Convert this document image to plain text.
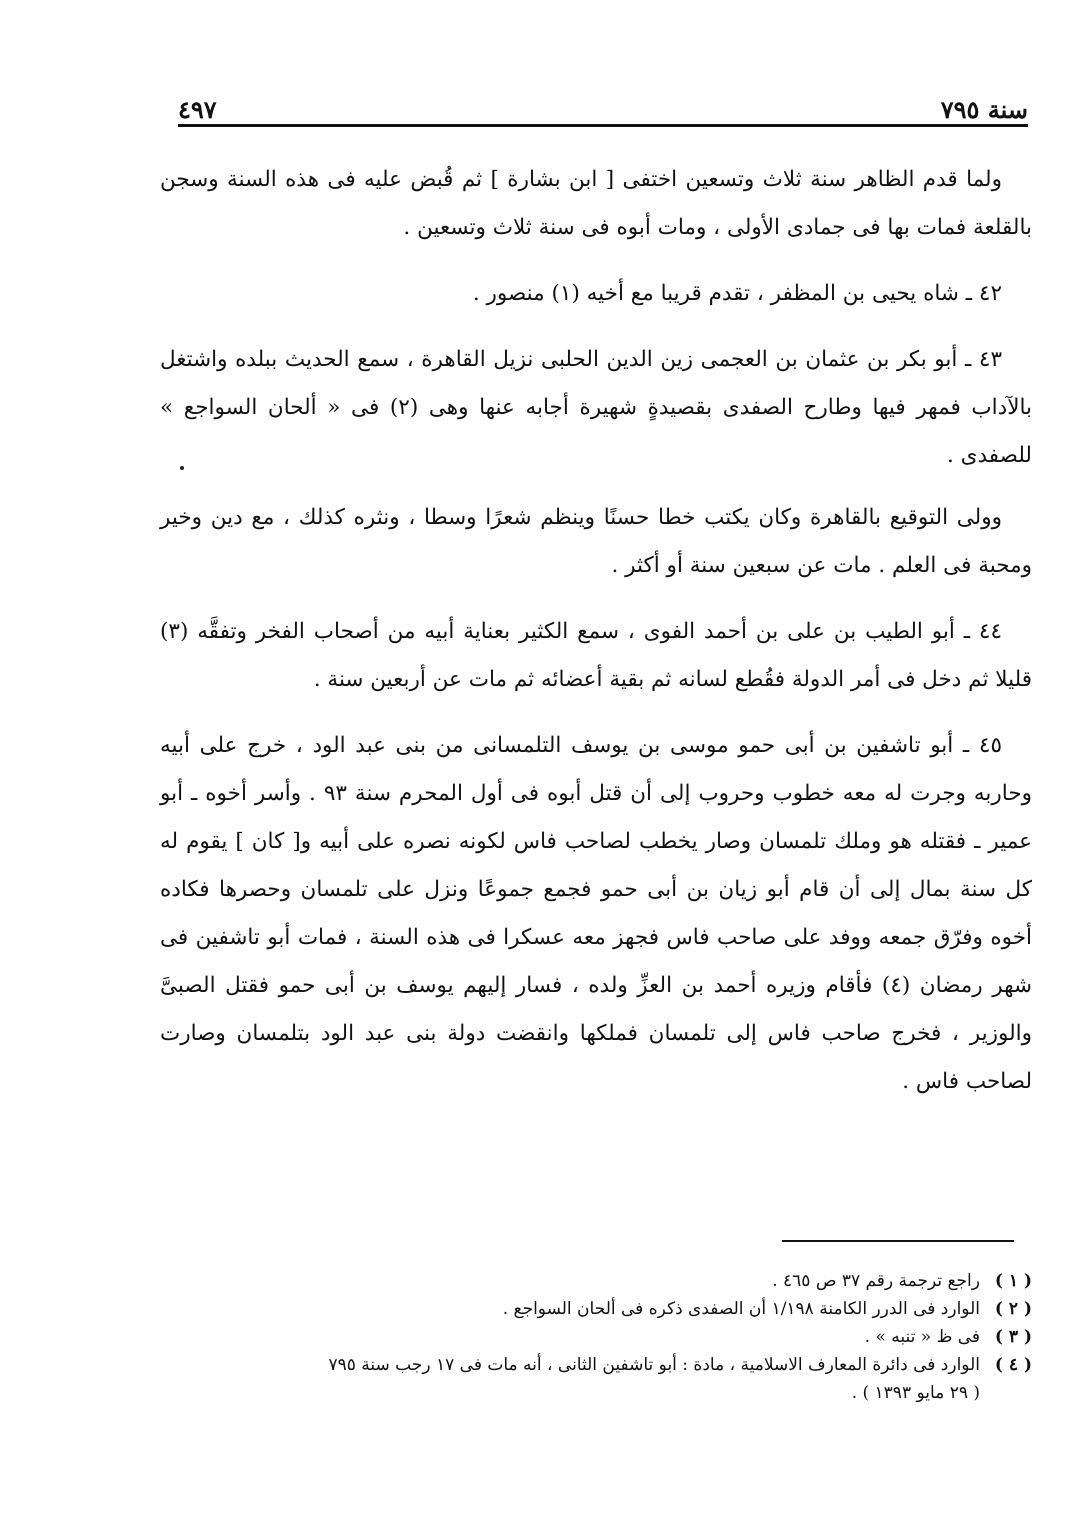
سنة ٧٩٥
٤٩٧

ولما قدم الظاهر سنة ثلاث وتسعين اختفى [ ابن بشارة ] ثم قُبض عليه فى هذه السنة وسجن بالقلعة فمات بها فى جمادى الأولى ، ومات أبوه فى سنة ثلاث وتسعين .

٤٢ ـ شاه يحيى بن المظفر ، تقدم قريبا مع أخيه (١) منصور .

٤٣ ـ أبو بكر بن عثمان بن العجمى زين الدين الحلبى نزيل القاهرة ، سمع الحديث ببلده واشتغل بالآداب فمهر فيها وطارح الصفدى بقصيدةٍ شهيرة أجابه عنها وهى (٢) فى « ألحان السواجع » للصفدى .

وولى التوقيع بالقاهرة وكان يكتب خطا حسنًا وينظم شعرًا وسطا ، ونثره كذلك ، مع دين وخير ومحبة فى العلم . مات عن سبعين سنة أو أكثر .

٤٤ ـ أبو الطيب بن على بن أحمد الفوى ، سمع الكثير بعناية أبيه من أصحاب الفخر وتفقَّه (٣) قليلا ثم دخل فى أمر الدولة فقُطع لسانه ثم بقية أعضائه ثم مات عن أربعين سنة .

٤٥ ـ أبو تاشفين بن أبى حمو موسى بن يوسف التلمسانى من بنى عبد الود ، خرج على أبيه وحاربه وجرت له معه خطوب وحروب إلى أن قتل أبوه فى أول المحرم سنة ٩٣ . وأسر أخوه ـ أبو عمير ـ فقتله هو وملك تلمسان وصار يخطب لصاحب فاس لكونه نصره على أبيه و[ كان ] يقوم له كل سنة بمال إلى أن قام أبو زيان بن أبى حمو فجمع جموعًا ونزل على تلمسان وحصرها فكاده أخوه وفرّق جمعه ووفد على صاحب فاس فجهز معه عسكرا فى هذه السنة ، فمات أبو تاشفين فى شهر رمضان (٤) فأقام وزيره أحمد بن العزِّ ولده ، فسار إليهم يوسف بن أبى حمو فقتل الصبىَّ والوزير ، فخرج صاحب فاس إلى تلمسان فملكها وانقضت دولة بنى عبد الود بتلمسان وصارت لصاحب فاس .

( ١ )
راجع ترجمة رقم ٣٧ ص ٤٦٥ .
( ٢ )
الوارد فى الدرر الكامنة ١/١٩٨ أن الصفدى ذكره فى ألحان السواجع .
( ٣ )
فى ظ « تنبه » .
( ٤ )
الوارد فى دائرة المعارف الاسلامية ، مادة : أبو تاشفين الثانى ، أنه مات فى ١٧ رجب سنة ٧٩٥
( ٢٩ مايو ١٣٩٣ ) .
